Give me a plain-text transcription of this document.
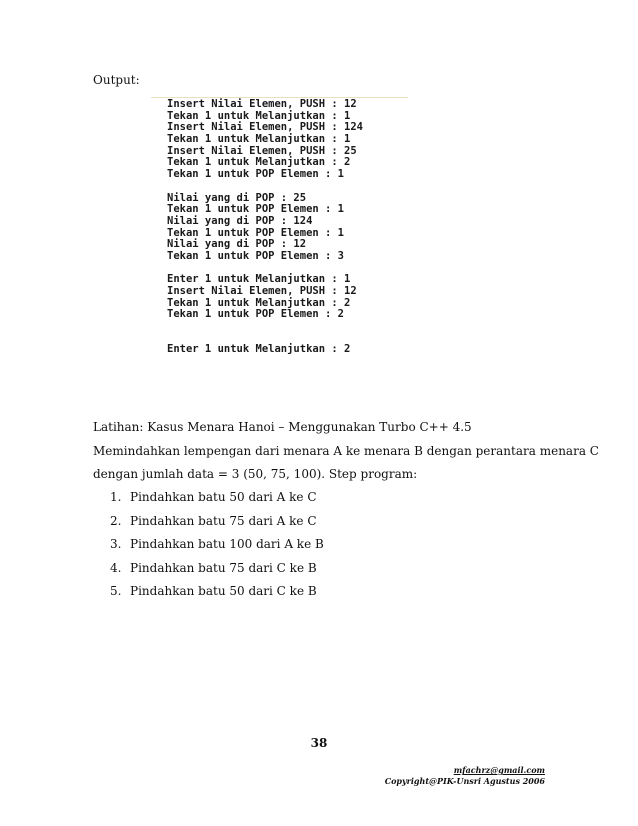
Output:
Insert Nilai Elemen, PUSH : 12
Tekan 1 untuk Melanjutkan : 1
Insert Nilai Elemen, PUSH : 124
Tekan 1 untuk Melanjutkan : 1
Insert Nilai Elemen, PUSH : 25
Tekan 1 untuk Melanjutkan : 2
Tekan 1 untuk POP Elemen : 1
Nilai yang di POP : 25
Tekan 1 untuk POP Elemen : 1
Nilai yang di POP : 124
Tekan 1 untuk POP Elemen : 1
Nilai yang di POP : 12
Tekan 1 untuk POP Elemen : 3
Enter 1 untuk Melanjutkan : 1
Insert Nilai Elemen, PUSH : 12
Tekan 1 untuk Melanjutkan : 2
Tekan 1 untuk POP Elemen : 2
Enter 1 untuk Melanjutkan : 2
Latihan: Kasus Menara Hanoi – Menggunakan Turbo C++ 4.5
Memindahkan lempengan dari menara A ke menara B dengan perantara menara C
dengan jumlah data = 3 (50, 75, 100). Step program:
1. Pindahkan batu 50 dari A ke C
2. Pindahkan batu 75 dari A ke C
3. Pindahkan batu 100 dari A ke B
4. Pindahkan batu 75 dari C ke B
5. Pindahkan batu 50 dari C ke B
38
mfachrz@gmail.com
Copyright@PIK-Unsri Agustus 2006
